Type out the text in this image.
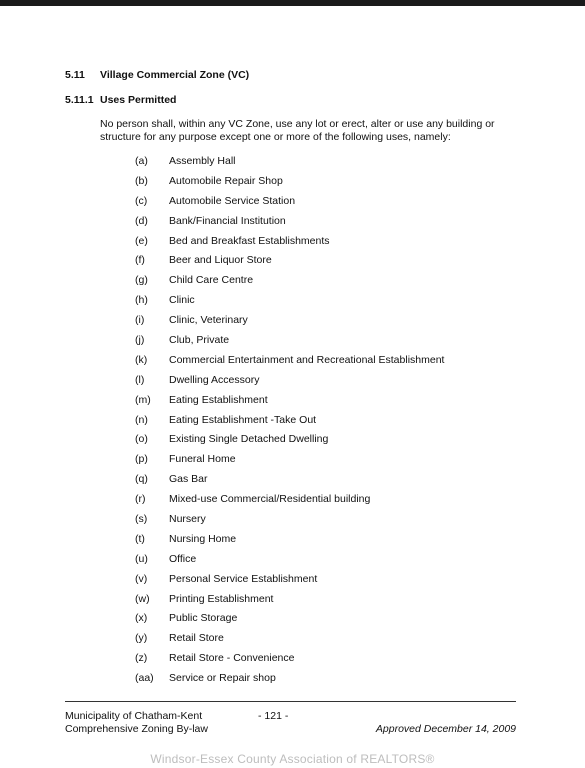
5.11 Village Commercial Zone (VC)
5.11.1 Uses Permitted
No person shall, within any VC Zone, use any lot or erect, alter or use any building or structure for any purpose except one or more of the following uses, namely:
(a) Assembly Hall
(b) Automobile Repair Shop
(c) Automobile Service Station
(d) Bank/Financial Institution
(e) Bed and Breakfast Establishments
(f) Beer and Liquor Store
(g) Child Care Centre
(h) Clinic
(i) Clinic, Veterinary
(j) Club, Private
(k) Commercial Entertainment and Recreational Establishment
(l) Dwelling Accessory
(m) Eating Establishment
(n) Eating Establishment -Take Out
(o) Existing Single Detached Dwelling
(p) Funeral Home
(q) Gas Bar
(r) Mixed-use Commercial/Residential building
(s) Nursery
(t) Nursing Home
(u) Office
(v) Personal Service Establishment
(w) Printing Establishment
(x) Public Storage
(y) Retail Store
(z) Retail Store - Convenience
(aa) Service or Repair shop
Municipality of Chatham-Kent
Comprehensive Zoning By-law
- 121 -
Approved December 14, 2009
Windsor-Essex County Association of REALTORS®
